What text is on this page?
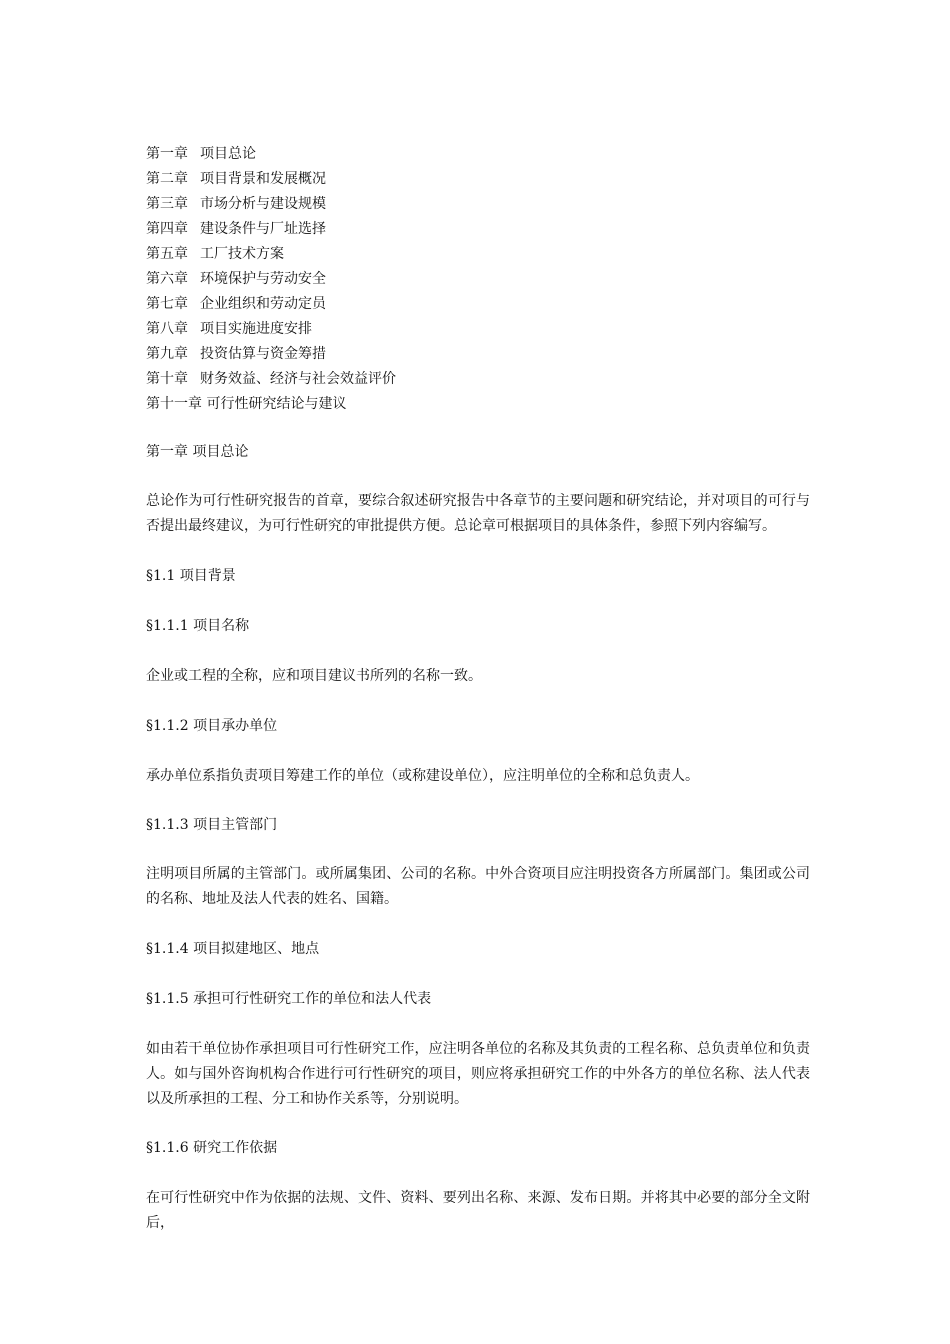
第一章 项目总论
第二章 项目背景和发展概况
第三章 市场分析与建设规模
第四章 建设条件与厂址选择
第五章 工厂技术方案
第六章 环境保护与劳动安全
第七章 企业组织和劳动定员
第八章 项目实施进度安排
第九章 投资估算与资金筹措
第十章 财务效益、经济与社会效益评价
第十一章 可行性研究结论与建议
第一章 项目总论
总论作为可行性研究报告的首章，要综合叙述研究报告中各章节的主要问题和研究结论，并对项目的可行与否提出最终建议，为可行性研究的审批提供方便。总论章可根据项目的具体条件，参照下列内容编写。
§1.1 项目背景
§1.1.1 项目名称
企业或工程的全称，应和项目建议书所列的名称一致。
§1.1.2 项目承办单位
承办单位系指负责项目筹建工作的单位（或称建设单位），应注明单位的全称和总负责人。
§1.1.3 项目主管部门
注明项目所属的主管部门。或所属集团、公司的名称。中外合资项目应注明投资各方所属部门。集团或公司的名称、地址及法人代表的姓名、国籍。
§1.1.4 项目拟建地区、地点
§1.1.5 承担可行性研究工作的单位和法人代表
如由若干单位协作承担项目可行性研究工作，应注明各单位的名称及其负责的工程名称、总负责单位和负责人。如与国外咨询机构合作进行可行性研究的项目，则应将承担研究工作的中外各方的单位名称、法人代表以及所承担的工程、分工和协作关系等，分别说明。
§1.1.6 研究工作依据
在可行性研究中作为依据的法规、文件、资料、要列出名称、来源、发布日期。并将其中必要的部分全文附后，
